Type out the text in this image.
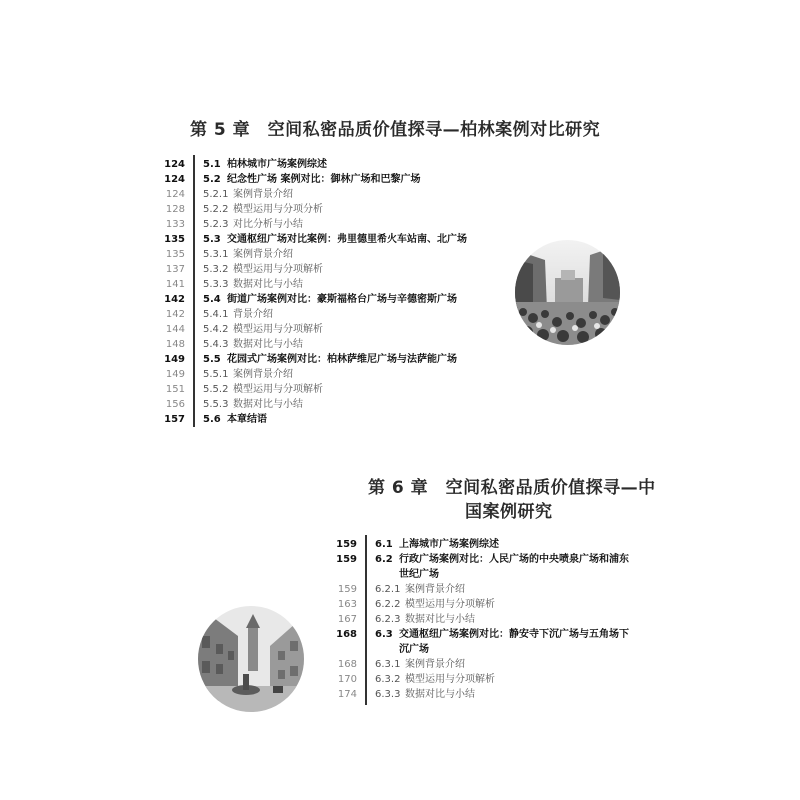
第 5 章　空间私密品质价值探寻—柏林案例对比研究
124 5.1 柏林城市广场案例综述
124 5.2 纪念性广场 案例对比：御林广场和巴黎广场
124 5.2.1 案例背景介绍
128 5.2.2 模型运用与分项分析
133 5.2.3 对比分析与小结
135 5.3 交通枢纽广场对比案例：弗里德里希火车站南、北广场
135 5.3.1 案例背景介绍
137 5.3.2 模型运用与分项解析
141 5.3.3 数据对比与小结
142 5.4 街道广场案例对比：豪斯福格台广场与辛德密斯广场
142 5.4.1 背景介绍
144 5.4.2 模型运用与分项解析
148 5.4.3 数据对比与小结
149 5.5 花园式广场案例对比：柏林萨维尼广场与法萨能广场
149 5.5.1 案例背景介绍
151 5.5.2 模型运用与分项解析
156 5.5.3 数据对比与小结
157 5.6 本章结语
第 6 章　空间私密品质价值探寻—中
国案例研究
159 6.1 上海城市广场案例综述
159 6.2 行政广场案例对比：人民广场的中央喷泉广场和浦东
世纪广场
159 6.2.1 案例背景介绍
163 6.2.2 模型运用与分项解析
167 6.2.3 数据对比与小结
168 6.3 交通枢纽广场案例对比：静安寺下沉广场与五角场下
沉广场
168 6.3.1 案例背景介绍
170 6.3.2 模型运用与分项解析
174 6.3.3 数据对比与小结
